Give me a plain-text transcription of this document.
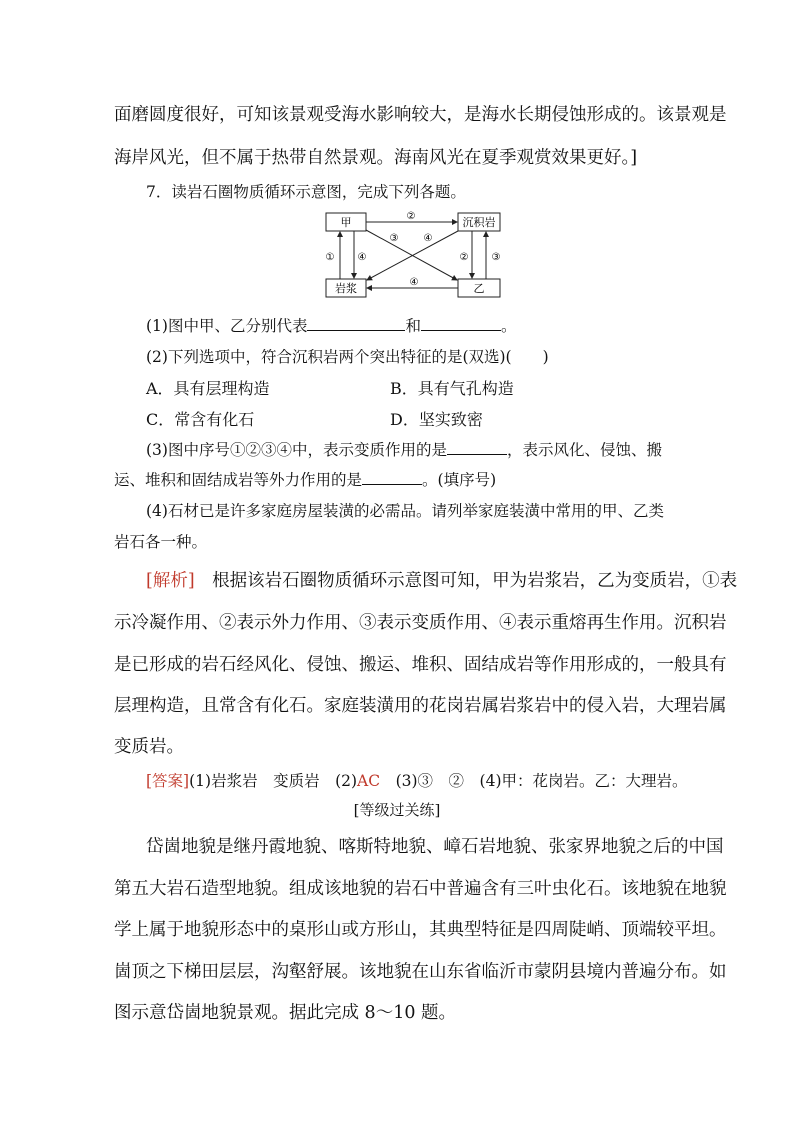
面磨圆度很好，可知该景观受海水影响较大，是海水长期侵蚀形成的。该景观是
海岸风光，但不属于热带自然景观。海南风光在夏季观赏效果更好。]
7．读岩石圈物质循环示意图，完成下列各题。
甲	沉积岩
岩浆	乙
②
④
① ④	② ③
③	④
(1)图中甲、乙分别代表	和	。
(2)下列选项中，符合沉积岩两个突出特征的是(双选)(　　)
A．具有层理构造	B．具有气孔构造
C．常含有化石	D．坚实致密
(3)图中序号①②③④中，表示变质作用的是	，表示风化、侵蚀、搬
运、堆积和固结成岩等外力作用的是	。(填序号)
(4)石材已是许多家庭房屋装潢的必需品。请列举家庭装潢中常用的甲、乙类
岩石各一种。
[解析]　 根据该岩石圈物质循环示意图可知，甲为岩浆岩，乙为变质岩，①表
示冷凝作用、②表示外力作用、③表示变质作用、④表示重熔再生作用。沉积岩
是已形成的岩石经风化、侵蚀、搬运、堆积、固结成岩等作用形成的，一般具有
层理构造，且常含有化石。家庭装潢用的花岗岩属岩浆岩中的侵入岩，大理岩属
变质岩。
[答案](1)岩浆岩　变质岩　(2)AC　(3)③　②　(4)甲：花岗岩。乙：大理岩。
[等级过关练]
岱崮地貌是继丹霞地貌、喀斯特地貌、嶂石岩地貌、张家界地貌之后的中国
第五大岩石造型地貌。组成该地貌的岩石中普遍含有三叶虫化石。该地貌在地貌
学上属于地貌形态中的桌形山或方形山，其典型特征是四周陡峭、顶端较平坦。
崮顶之下梯田层层，沟壑舒展。该地貌在山东省临沂市蒙阴县境内普遍分布。如
图示意岱崮地貌景观。据此完成 8～10 题。
